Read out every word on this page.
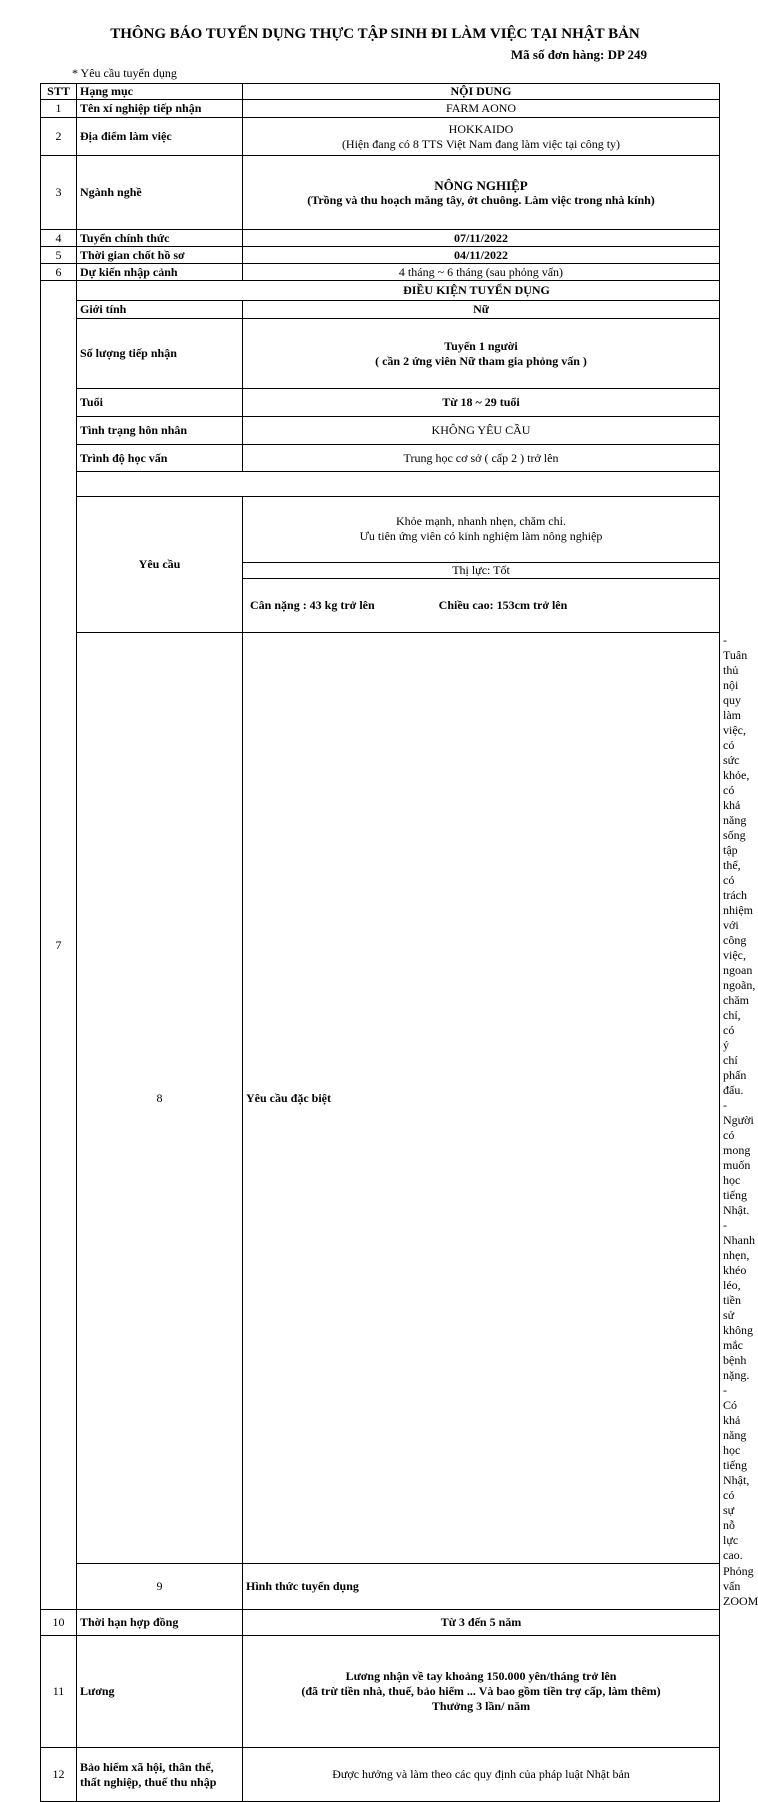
THÔNG BÁO TUYỂN DỤNG THỰC TẬP SINH ĐI LÀM VIỆC TẠI NHẬT BẢN
Mã số đơn hàng: DP 249
* Yêu cầu tuyển dụng
STT	Hạng mục	NỘI DUNG
1	Tên xí nghiệp tiếp nhận	FARM AONO
2	Địa điểm làm việc	
HOKKAIDO
(Hiện đang có 8 TTS Việt Nam đang làm việc tại công ty)

3	Ngành nghề	NÔNG NGHIỆP
(Trồng và thu hoạch măng tây, ớt chuông. Làm việc trong nhà kính)

4	Tuyển chính thức	07/11/2022
5	Thời gian chốt hồ sơ	04/11/2022
6	Dự kiến nhập cảnh	4 tháng ~ 6 tháng (sau phỏng vấn)
7	ĐIỀU KIỆN TUYỂN DỤNG
Giới tính	Nữ
Số lượng tiếp nhận	
Tuyển 1 người
( cần 2 ứng viên Nữ tham gia phỏng vấn )

Tuổi	Từ 18 ~ 29 tuổi
Tình trạng hôn nhân	KHÔNG YÊU CẦU
Trình độ học vấn	Trung học cơ sở ( cấp 2 ) trở lên

Yêu cầu	
Khỏe mạnh, nhanh nhẹn, chăm chỉ.
Ưu tiên ứng viên có kinh nghiệm làm nông nghiệp

Thị lực: Tốt
Cân nặng : 43 kg trở lên	Chiều cao: 153cm trở lên

8	Yêu cầu đặc biệt	
- Tuân thủ nội quy làm việc, có sức khỏe, có khả năng sống tập thể, có trách
nhiệm với công việc, ngoan ngoãn, chăm chỉ, có ý chí phấn đấu.
- Người có mong muốn học tiếng Nhật.
- Nhanh nhẹn, khéo léo, tiền sử không mắc bệnh nặng.
- Có khả năng học tiếng Nhật, có sự nỗ lực cao.

9	Hình thức tuyển dụng	Phỏng vấn ZOOM
10	Thời hạn hợp đồng	Từ 3 đến 5 năm
11	Lương	
Lương nhận về tay khoảng 150.000 yên/tháng trở lên
(đã trừ tiền nhà, thuế, bảo hiểm ... Và bao gồm tiền trợ cấp, làm thêm)
Thưởng 3 lần/ năm

12	
Bảo hiểm xã hội, thân thể,
thất nghiệp, thuế thu nhập
	Được hưởng và làm theo các quy định của pháp luật Nhật bản
